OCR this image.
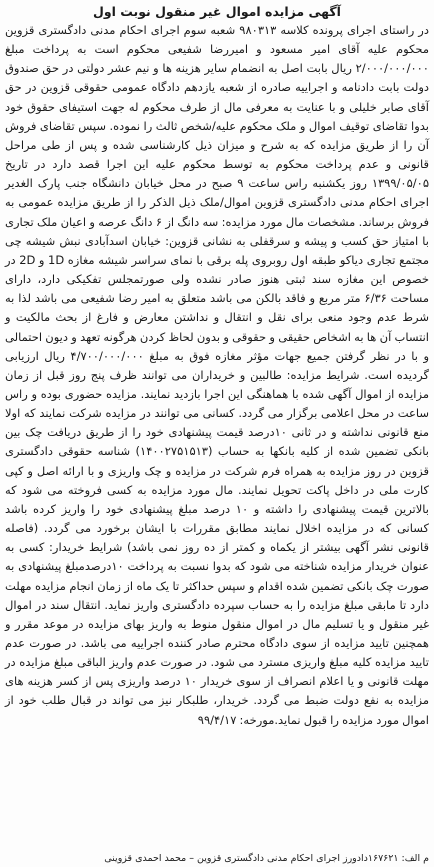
آگهی مزایده اموال غیر منقول نوبت اول

در راستای اجرای پرونده کلاسه ۹۸۰۳۱۳ شعبه سوم اجرای احکام مدنی دادگستری قزوین محکوم علیه آقای امیر مسعود و امیررضا شفیعی محکوم است به پرداخت مبلغ ۲/۰۰۰/۰۰۰/۰۰۰ ریال بابت اصل به انضمام سایر هزینه ها و نیم عشر دولتی در حق صندوق دولت بابت دادنامه و اجراییه صادره از شعبه یازدهم دادگاه عمومی حقوقی قزوین در حق آقای صابر خلیلی و با عنایت به معرفی مال از طرف محکوم له جهت استیفای حقوق خود بدوا تقاضای توقیف اموال و ملک محکوم علیه/شخص ثالث را نموده. سپس تقاضای فروش آن را از طریق مزایده که به شرح و میزان ذیل کارشناسی شده و پس از طی مراحل قانونی و عدم پرداخت محکوم به توسط محکوم علیه این اجرا قصد دارد در تاریخ ۱۳۹۹/۰۵/۰۵ روز یکشنبه راس ساعت ۹ صبح در محل خیابان دانشگاه جنب پارک الغدیر اجرای احکام مدنی دادگستری قزوین اموال/ملک ذیل الذکر را از طریق مزایده عمومی به فروش برساند. مشخصات مال مورد مزایده: سه دانگ از ۶ دانگ عرصه و اعیان ملک تجاری با امتیاز حق کسب و پیشه و سرقفلی به نشانی قزوین: خیابان اسدآبادی نبش شیشه چی مجتمع تجاری دیاکو طبقه اول روبروی پله برقی با نمای سراسر شیشه مغازه 1D و 2D در خصوص این مغازه سند ثبتی هنوز صادر نشده ولی صورتمجلس تفکیکی دارد، دارای مساحت ۶/۳۶ متر مربع و فاقد بالکن می باشد متعلق به امیر رضا شفیعی می باشد لذا به شرط عدم وجود منعی برای نقل و انتقال و نداشتن معارض و فارغ از بحث مالکیت و انتساب آن ها به اشخاص حقیقی و حقوقی و بدون لحاظ کردن هرگونه تعهد و دیون احتمالی و با در نظر گرفتن جمیع جهات مؤثر مغازه فوق به مبلغ ۴/۷۰۰/۰۰۰/۰۰۰ ریال ارزیابی گردیده است. شرایط مزایده: طالبین و خریداران می توانند ظرف پنج روز قبل از زمان مزایده از اموال آگهی شده با هماهنگی این اجرا بازدید نمایند. مزایده حضوری بوده و راس ساعت در محل اعلامی برگزار می گردد. کسانی می توانند در مزایده شرکت نمایند که اولا منع قانونی نداشته و در ثانی ۱۰درصد قیمت پیشنهادی خود را از طریق دریافت چک بین بانکی تضمین شده از کلیه بانکها به حساب (۱۴۰۰۲۷۵۱۵۱۳) شناسه حقوقی دادگستری قزوین در روز مزایده به همراه فرم شرکت در مزایده و چک واریزی و با ارائه اصل و کپی کارت ملی در داخل پاکت تحویل نمایند. مال مورد مزایده به کسی فروخته می شود که بالاترین قیمت پیشنهادی را داشته و ۱۰ درصد مبلغ پیشنهادی خود را واریز کرده باشد کسانی که در مزایده اخلال نمایند مطابق مقررات با ایشان برخورد می گردد. (فاصله قانونی نشر آگهی بیشتر از یکماه و کمتر از ده روز نمی باشد) شرایط خریدار: کسی به عنوان خریدار مزایده شناخته می شود که بدوا نسبت به پرداخت ۱۰درصدمبلغ پیشنهادی به صورت چک بانکی تضمین شده اقدام و سپس حداکثر تا یک ماه از زمان انجام مزایده مهلت دارد تا مابقی مبلغ مزایده را به حساب سپرده دادگستری واریز نماید. انتقال سند در اموال غیر منقول و یا تسلیم مال در اموال منقول منوط به واریز بهای مزایده در موعد مقرر و همچنین تایید مزایده از سوی دادگاه محترم صادر کننده اجراییه می باشد. در صورت عدم تایید مزایده کلیه مبلغ واریزی مسترد می شود. در صورت عدم واریز الباقی مبلغ مزایده در مهلت قانونی و یا اعلام انصراف از سوی خریدار ۱۰ درصد واریزی پس از کسر هزینه های مزایده به نفع دولت ضبط می گردد. خریدار، طلبکار نیز می تواند در قبال طلب خود از اموال مورد مزایده را قبول نماید.مورخه: ۹۹/۴/۱۷

م الف: ۱۶۷۶۲۱دادورز اجرای احکام مدنی دادگستری قزوین – محمد احمدی قزوینی
